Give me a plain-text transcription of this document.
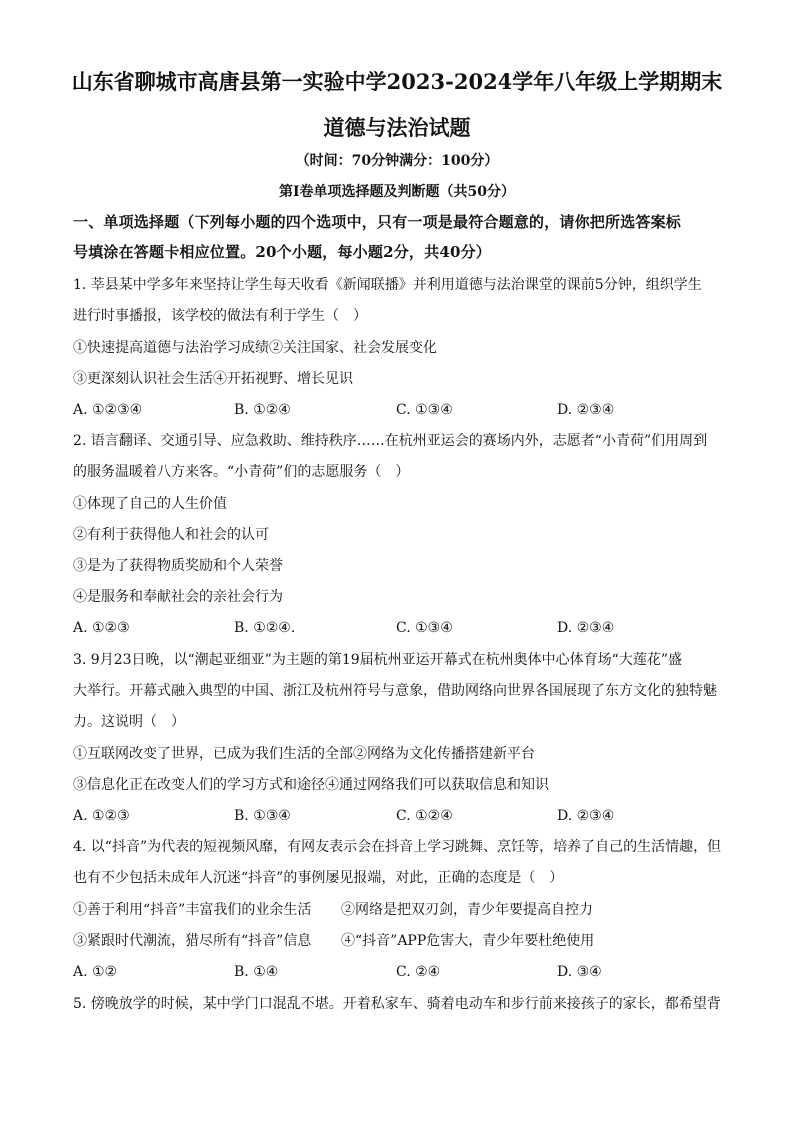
山东省聊城市高唐县第一实验中学2023-2024学年八年级上学期期末
道德与法治试题
（时间：70分钟满分：100分）
第Ⅰ卷单项选择题及判断题（共50分）
一、单项选择题（下列每小题的四个选项中，只有一项是最符合题意的，请你把所选答案标
号填涂在答题卡相应位置。20个小题，每小题2分，共40分）
1. 莘县某中学多年来坚持让学生每天收看《新闻联播》并利用道德与法治课堂的课前5分钟，组织学生
进行时事播报，该学校的做法有利于学生（　）
①快速提高道德与法治学习成绩②关注国家、社会发展变化
③更深刻认识社会生活④开拓视野、增长见识
A. ①②③④	B. ①②④	C. ①③④	D. ②③④
2. 语言翻译、交通引导、应急救助、维持秩序……在杭州亚运会的赛场内外，志愿者“小青荷”们用周到
的服务温暖着八方来客。“小青荷”们的志愿服务（　）
①体现了自己的人生价值
②有利于获得他人和社会的认可
③是为了获得物质奖励和个人荣誉
④是服务和奉献社会的亲社会行为
A. ①②③	B. ①②④.	C. ①③④	D. ②③④
3. 9月23日晚，以“潮起亚细亚”为主题的第19届杭州亚运开幕式在杭州奥体中心体育场“大莲花”盛
大举行。开幕式融入典型的中国、浙江及杭州符号与意象，借助网络向世界各国展现了东方文化的独特魅
力。这说明（　）
①互联网改变了世界，已成为我们生活的全部②网络为文化传播搭建新平台
③信息化正在改变人们的学习方式和途径④通过网络我们可以获取信息和知识
A. ①②③	B. ①③④	C. ①②④	D. ②③④
4. 以“抖音”为代表的短视频风靡，有网友表示会在抖音上学习跳舞、烹饪等，培养了自己的生活情趣，但
也有不少包括未成年人沉迷“抖音”的事例屡见报端，对此，正确的态度是（　）
①善于利用“抖音”丰富我们的业余生活	②网络是把双刃剑，青少年要提高自控力
③紧跟时代潮流，猎尽所有“抖音”信息	④“抖音”APP危害大，青少年要杜绝使用
A. ①②	B. ①④	C. ②④	D. ③④
5. 傍晚放学的时候，某中学门口混乱不堪。开着私家车、骑着电动车和步行前来接孩子的家长，都希望背
